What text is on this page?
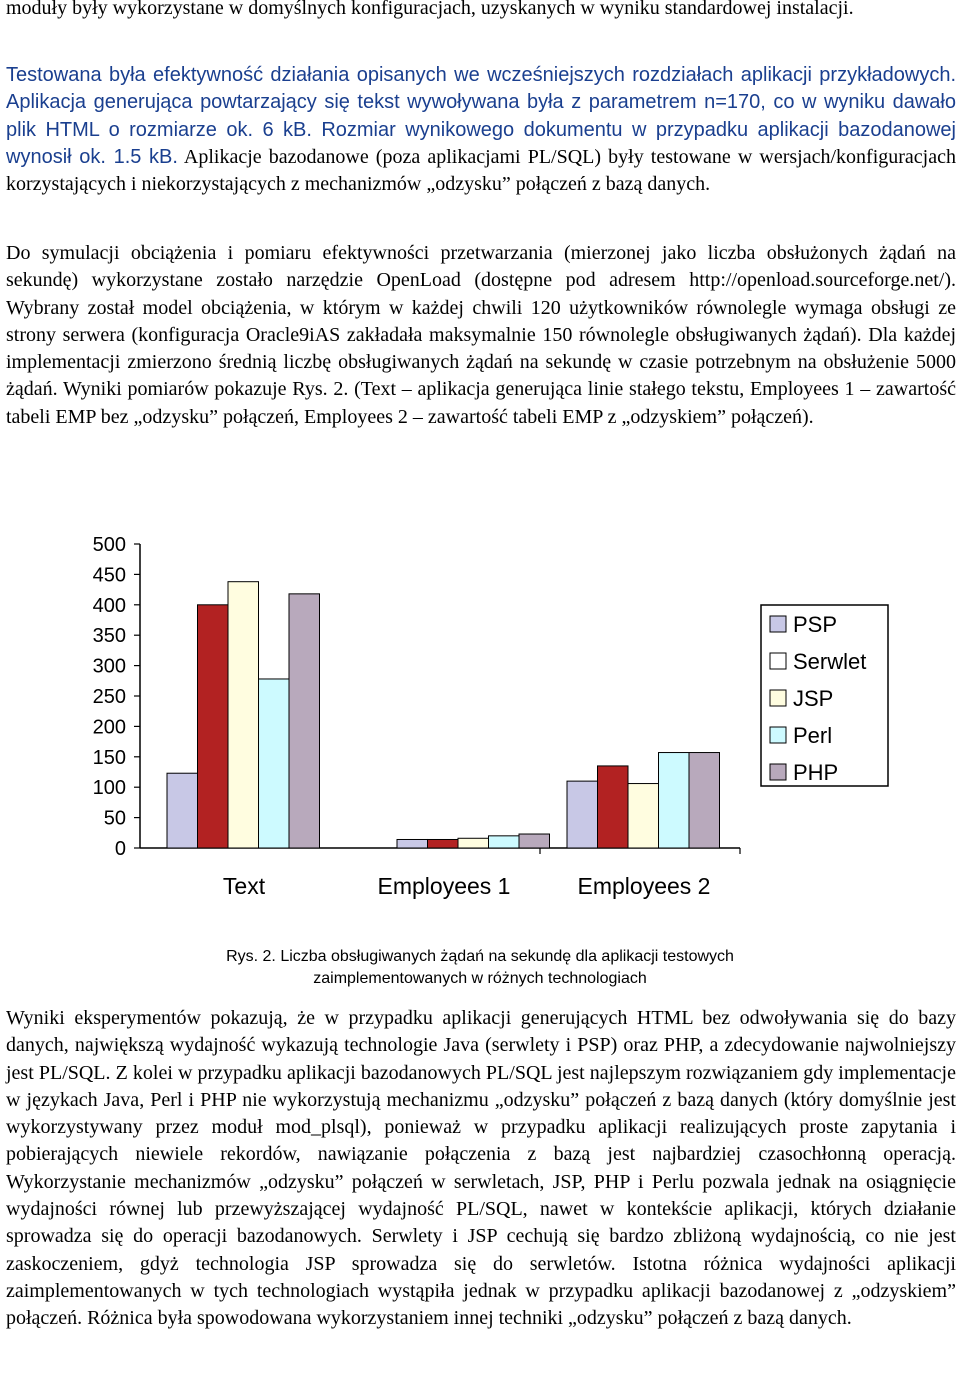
moduły były wykorzystane w domyślnych konfiguracjach, uzyskanych w wyniku standardowej instalacji.

Testowana była efektywność działania opisanych we wcześniejszych rozdziałach aplikacji przykładowych. Aplikacja generująca powtarzający się tekst wywoływana była z parametrem n=170, co w wyniku dawało plik HTML o rozmiarze ok. 6 kB. Rozmiar wynikowego dokumentu w przypadku aplikacji bazodanowej wynosił ok. 1.5 kB. Aplikacje bazodanowe (poza aplikacjami PL/SQL) były testowane w wersjach/konfiguracjach korzystających i niekorzystających z mechanizmów „odzysku” połączeń z bazą danych.

Do symulacji obciążenia i pomiaru efektywności przetwarzania (mierzonej jako liczba obsłużonych żądań na sekundę) wykorzystane zostało narzędzie OpenLoad (dostępne pod adresem http://openload.sourceforge.net/). Wybrany został model obciążenia, w którym w każdej chwili 120 użytkowników równolegle wymaga obsługi ze strony serwera (konfiguracja Oracle9iAS zakładała maksymalnie 150 równolegle obsługiwanych żądań). Dla każdej implementacji zmierzono średnią liczbę obsługiwanych żądań na sekundę w czasie potrzebnym na obsłużenie 5000 żądań. Wyniki pomiarów pokazuje Rys. 2. (Text – aplikacja generująca linie stałego tekstu, Employees 1 – zawartość tabeli EMP bez „odzysku” połączeń, Employees 2 – zawartość tabeli EMP z „odzyskiem” połączeń).

0
50
100
150
200
250
300
350
400
450
500
Text	Employees 1	Employees 2
PSP
Serwlet
JSP
Perl
PHP
Rys. 2. Liczba obsługiwanych żądań na sekundę dla aplikacji testowych
zaimplementowanych w różnych technologiach

Wyniki eksperymentów pokazują, że w przypadku aplikacji generujących HTML bez odwoływania się do bazy danych, największą wydajność wykazują technologie Java (serwlety i PSP) oraz PHP, a zdecydowanie najwolniejszy jest PL/SQL. Z kolei w przypadku aplikacji bazodanowych PL/SQL jest najlepszym rozwiązaniem gdy implementacje w językach Java, Perl i PHP nie wykorzystują mechanizmu „odzysku” połączeń z bazą danych (który domyślnie jest wykorzystywany przez moduł mod_plsql), ponieważ w przypadku aplikacji realizujących proste zapytania i pobierających niewiele rekordów, nawiązanie połączenia z bazą jest najbardziej czasochłonną operacją. Wykorzystanie mechanizmów „odzysku” połączeń w serwletach, JSP, PHP i Perlu pozwala jednak na osiągnięcie wydajności równej lub przewyższającej wydajność PL/SQL, nawet w kontekście aplikacji, których działanie sprowadza się do operacji bazodanowych. Serwlety i JSP cechują się bardzo zbliżoną wydajnością, co nie jest zaskoczeniem, gdyż technologia JSP sprowadza się do serwletów. Istotna różnica wydajności aplikacji zaimplementowanych w tych technologiach wystąpiła jednak w przypadku aplikacji bazodanowej z „odzyskiem” połączeń. Różnica była spowodowana wykorzystaniem innej techniki „odzysku” połączeń z bazą danych.
